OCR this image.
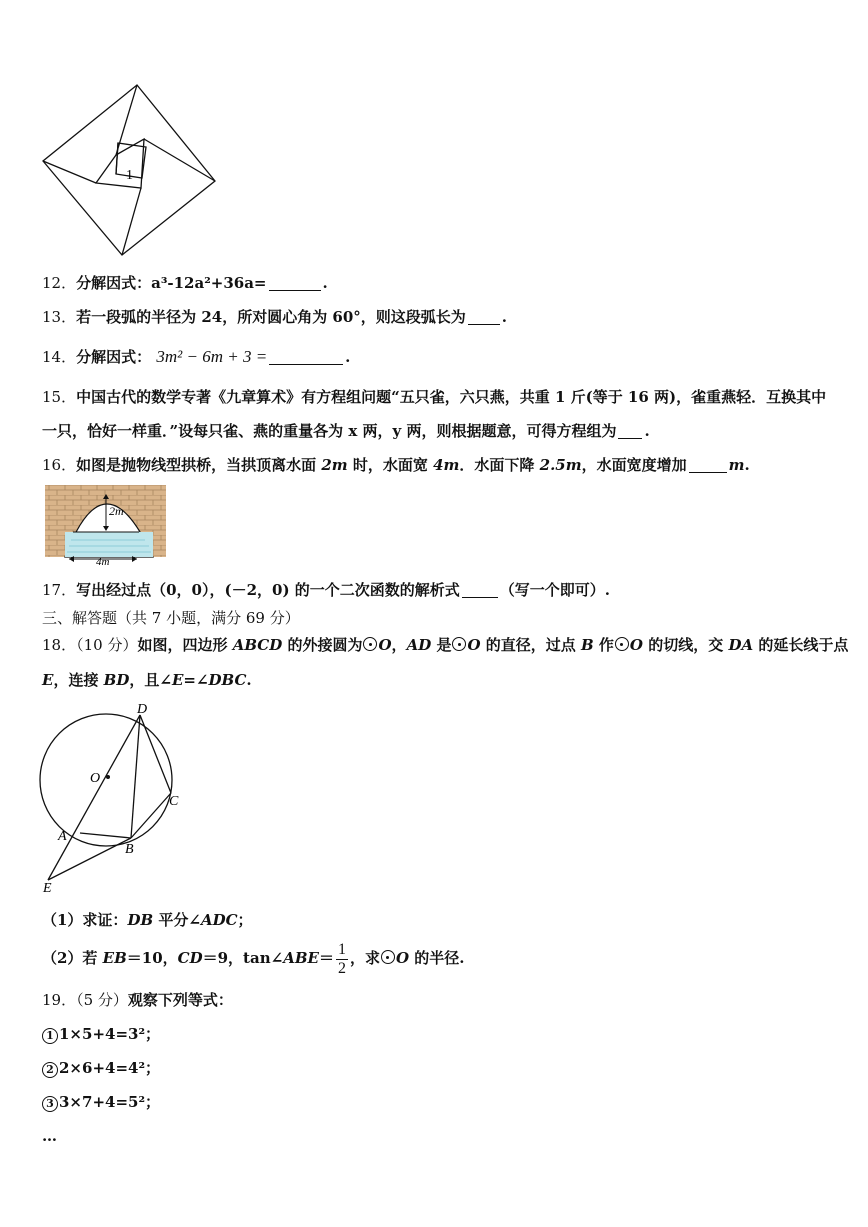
1
12．分解因式：a³-12a²+36a=	.
13．若一段弧的半径为 24，所对圆心角为 60°，则这段弧长为 .
14．分解因式： 3m² − 6m + 3 =	.
15．中国古代的数学专著《九章算术》有方程组问题“五只雀，六只燕，共重 1 斤(等于 16 两)，雀重燕轻．互换其中
一只，恰好一样重．”设每只雀、燕的重量各为 x 两，y 两，则根据题意，可得方程组为 .
16．如图是抛物线型拱桥，当拱顶离水面 2m 时，水面宽 4m．水面下降 2.5m，水面宽度增加	m.
2m
4m
17．写出经过点（0，0），(－2，0) 的一个二次函数的解析式	（写一个即可）.
三、解答题（共 7 小题，满分 69 分）
18．（10 分）如图，四边形 ABCD 的外接圆为 O，AD 是 O 的直径，过点 B 作 O 的切线，交 DA 的延长线于点
E，连接 BD，且∠E=∠DBC.
D
O
C
A
B
E
（1）求证：DB 平分∠ADC；
（2）若 EB＝10，CD＝9，tan∠ABE＝ $\frac{1}{2}$ ，求 O 的半径.
19．（5 分）观察下列等式：
1 1×5+4=3²；
2 2×6+4=4²；
3 3×7+4=5²；
…
